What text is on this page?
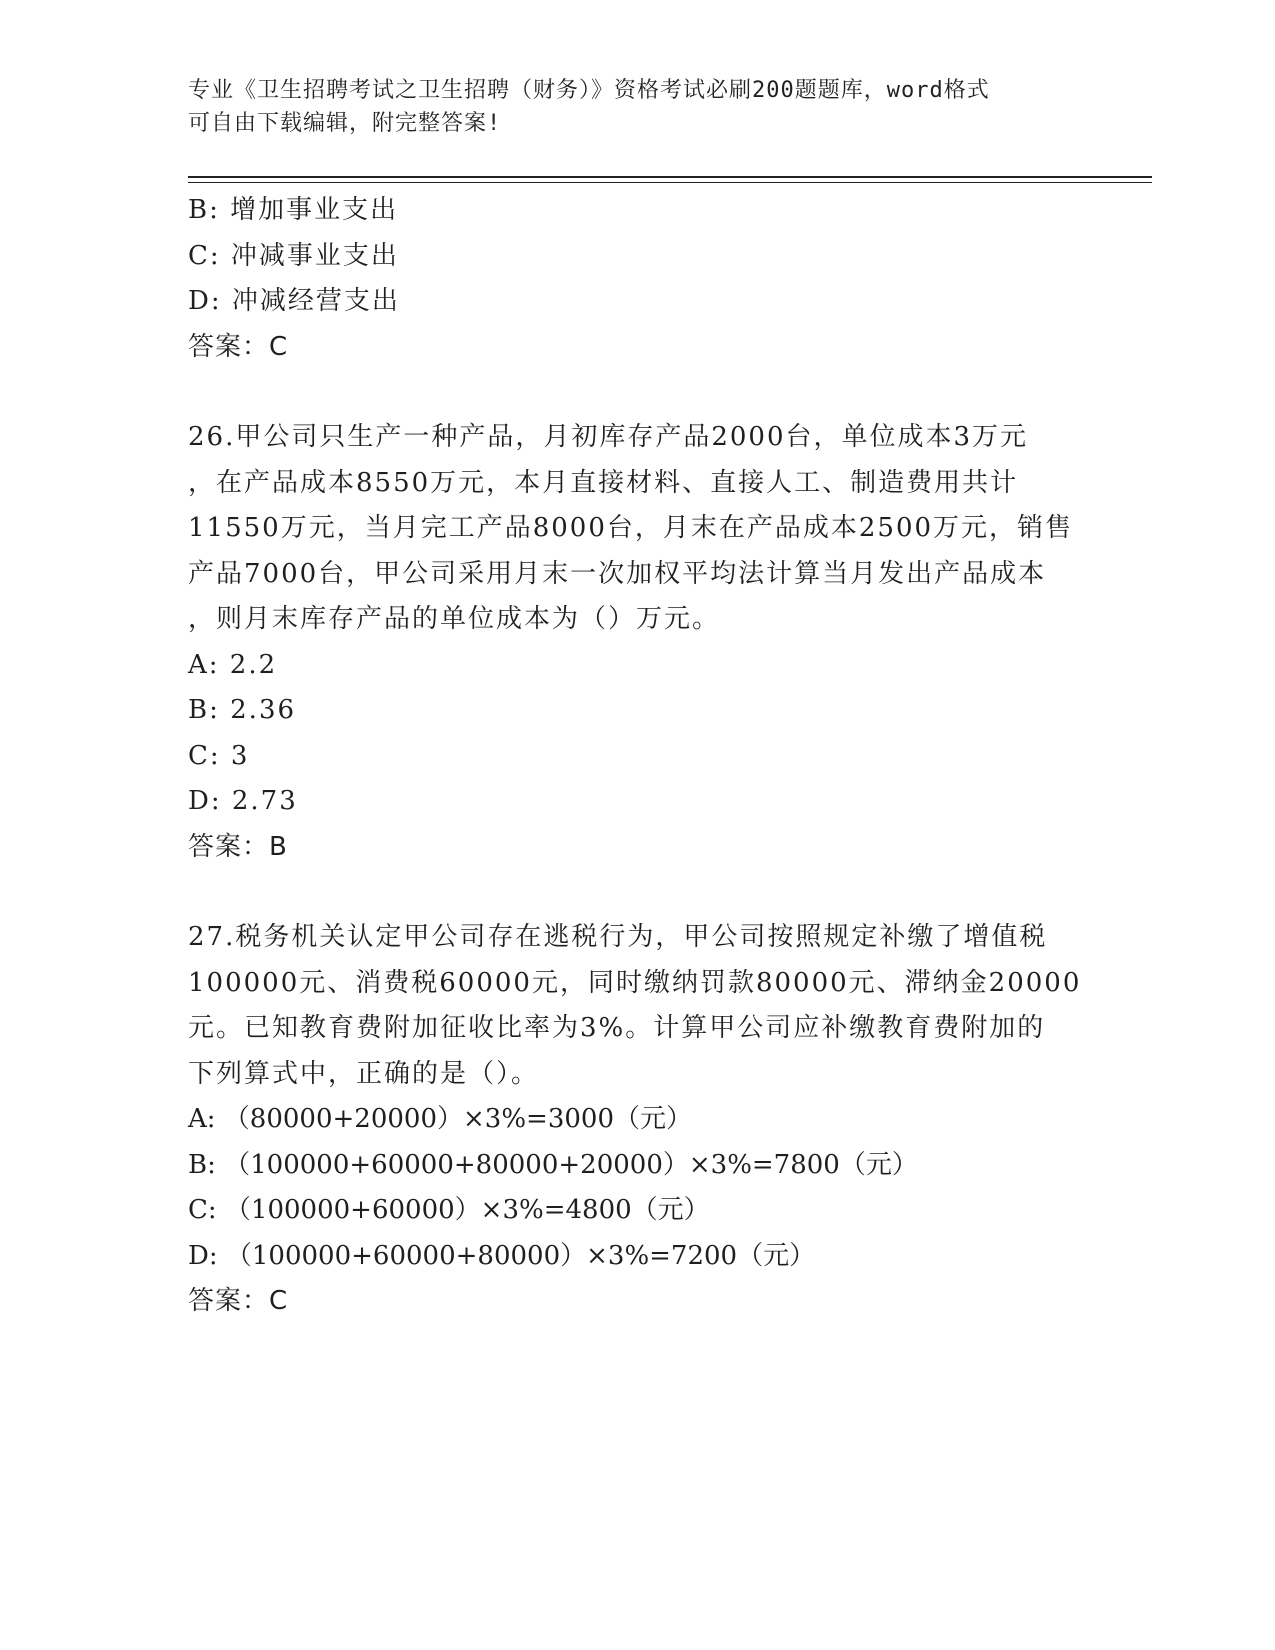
专业《卫生招聘考试之卫生招聘（财务）》资格考试必刷200题题库，word格式
可自由下载编辑，附完整答案!
B: 增加事业支出
C: 冲减事业支出
D: 冲减经营支出
答案：C
26.甲公司只生产一种产品，月初库存产品2000台，单位成本3万元
，在产品成本8550万元，本月直接材料、直接人工、制造费用共计
11550万元，当月完工产品8000台，月末在产品成本2500万元，销售
产品7000台，甲公司采用月末一次加权平均法计算当月发出产品成本
，则月末库存产品的单位成本为（）万元。
A: 2.2
B: 2.36
C: 3
D: 2.73
答案：B
27.税务机关认定甲公司存在逃税行为，甲公司按照规定补缴了增值税
100000元、消费税60000元，同时缴纳罚款80000元、滞纳金20000
元。已知教育费附加征收比率为3%。计算甲公司应补缴教育费附加的
下列算式中，正确的是（）。
A: （80000+20000）×3%=3000（元）
B: （100000+60000+80000+20000）×3%=7800（元）
C: （100000+60000）×3%=4800（元）
D: （100000+60000+80000）×3%=7200（元）
答案：C
